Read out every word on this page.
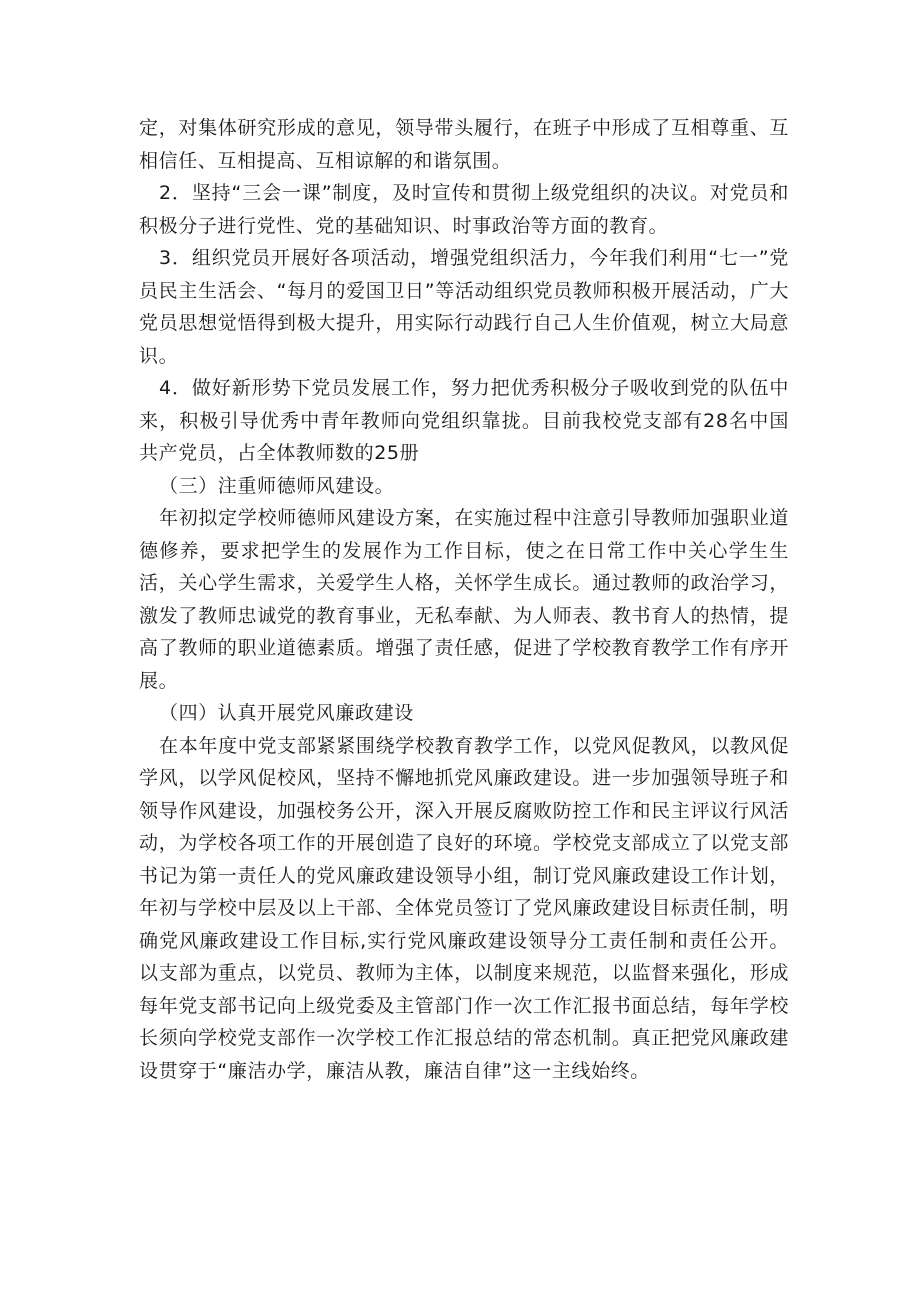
定，对集体研究形成的意见，领导带头履行，在班子中形成了互相尊重、互相信任、互相提高、互相谅解的和谐氛围。

2．坚持“三会一课”制度，及时宣传和贯彻上级党组织的决议。对党员和积极分子进行党性、党的基础知识、时事政治等方面的教育。

3．组织党员开展好各项活动，增强党组织活力，今年我们利用“七一”党员民主生活会、“每月的爱国卫日”等活动组织党员教师积极开展活动，广大党员思想觉悟得到极大提升，用实际行动践行自己人生价值观，树立大局意识。

4．做好新形势下党员发展工作，努力把优秀积极分子吸收到党的队伍中来，积极引导优秀中青年教师向党组织靠拢。目前我校党支部有28名中国共产党员，占全体教师数的25册

（三）注重师德师风建设。

年初拟定学校师德师风建设方案，在实施过程中注意引导教师加强职业道德修养，要求把学生的发展作为工作目标，使之在日常工作中关心学生生活，关心学生需求，关爱学生人格，关怀学生成长。通过教师的政治学习，激发了教师忠诚党的教育事业，无私奉献、为人师表、教书育人的热情，提高了教师的职业道德素质。增强了责任感，促进了学校教育教学工作有序开展。

（四）认真开展党风廉政建设

在本年度中党支部紧紧围绕学校教育教学工作，以党风促教风，以教风促学风，以学风促校风，坚持不懈地抓党风廉政建设。进一步加强领导班子和领导作风建设，加强校务公开，深入开展反腐败防控工作和民主评议行风活动，为学校各项工作的开展创造了良好的环境。学校党支部成立了以党支部书记为第一责任人的党风廉政建设领导小组，制订党风廉政建设工作计划，年初与学校中层及以上干部、全体党员签订了党风廉政建设目标责任制，明确党风廉政建设工作目标,实行党风廉政建设领导分工责任制和责任公开。以支部为重点，以党员、教师为主体，以制度来规范，以监督来强化，形成每年党支部书记向上级党委及主管部门作一次工作汇报书面总结，每年学校长须向学校党支部作一次学校工作汇报总结的常态机制。真正把党风廉政建设贯穿于“廉洁办学，廉洁从教，廉洁自律”这一主线始终。
